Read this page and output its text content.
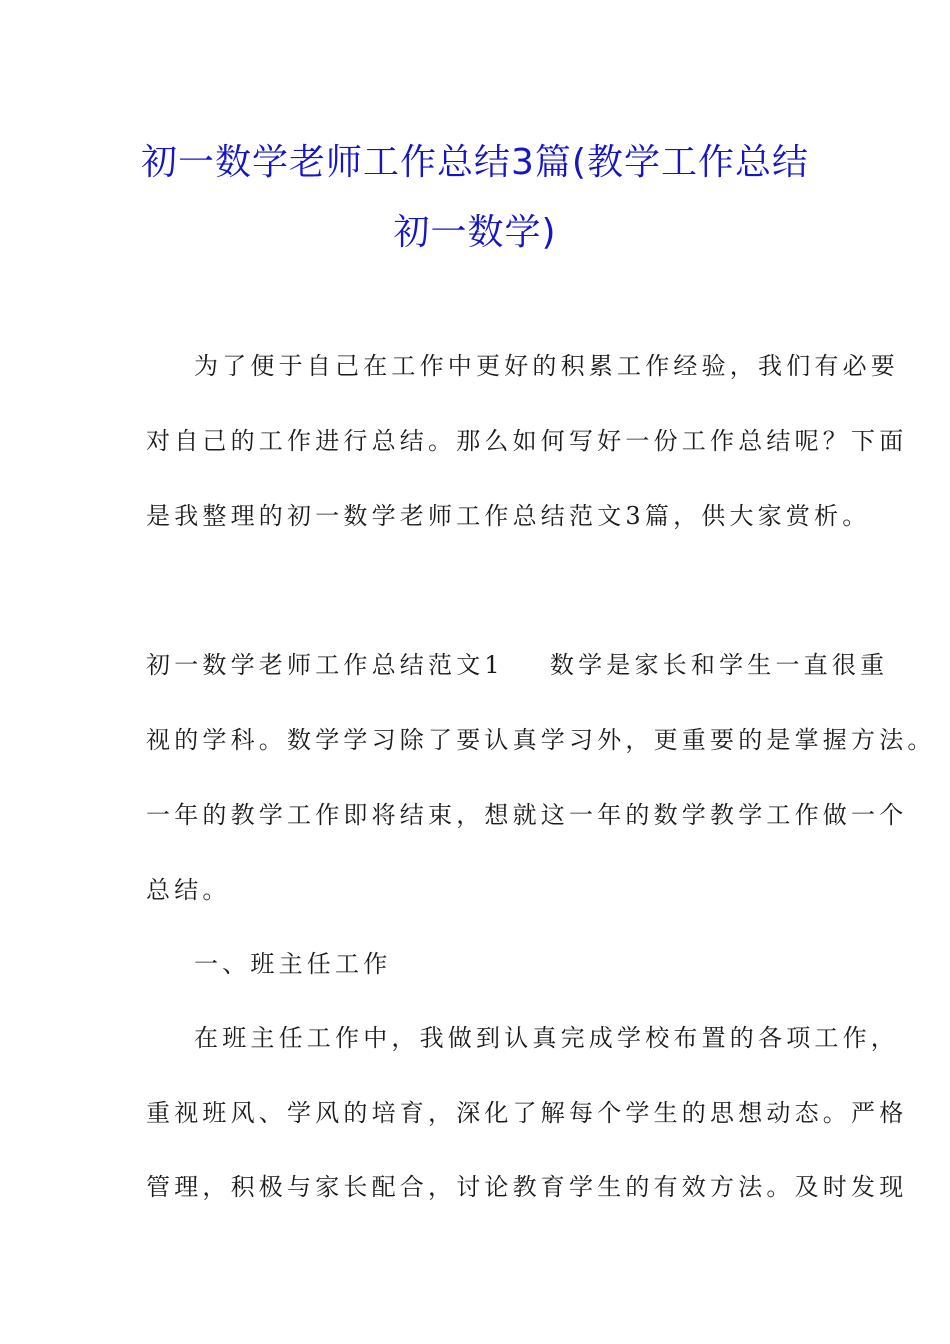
初一数学老师工作总结3篇(教学工作总结
初一数学)
为了便于自己在工作中更好的积累工作经验，我们有必要
对自己的工作进行总结。那么如何写好一份工作总结呢？下面
是我整理的初一数学老师工作总结范文3篇，供大家赏析。
初一数学老师工作总结范文1 数学是家长和学生一直很重
视的学科。数学学习除了要认真学习外，更重要的是掌握方法。
一年的教学工作即将结束，想就这一年的数学教学工作做一个
总结。
一、班主任工作
在班主任工作中，我做到认真完成学校布置的各项工作，
重视班风、学风的培育，深化了解每个学生的思想动态。严格
管理，积极与家长配合，讨论教育学生的有效方法。及时发现
